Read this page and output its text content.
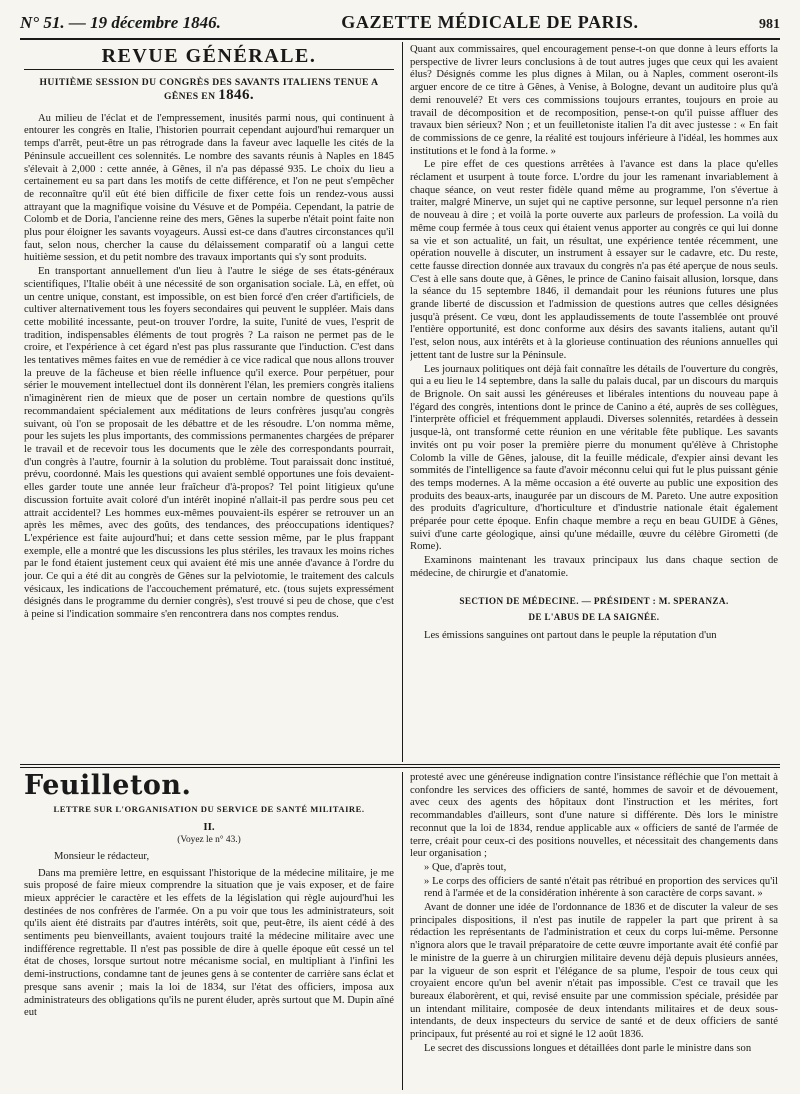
N° 51. — 19 décembre 1846.	GAZETTE MÉDICALE DE PARIS.	981
REVUE GÉNÉRALE.
HUITIÈME SESSION DU CONGRÈS DES SAVANTS ITALIENS TENUE A GÊNES EN 1846.

Au milieu de l'éclat et de l'empressement, inusités parmi nous, qui continuent à entourer les congrès en Italie, l'historien pourrait cependant aujourd'hui remarquer un temps d'arrêt, peut-être un pas rétrograde dans la faveur avec laquelle les cités de la Péninsule accueillent ces solennités. Le nombre des savants réunis à Naples en 1845 s'élevait à 2,000 : cette année, à Gênes, il n'a pas dépassé 935. Le choix du lieu a certainement eu sa part dans les motifs de cette différence, et l'on ne peut s'empêcher de reconnaître qu'il eût été bien difficile de fixer cette fois un rendez-vous aussi attrayant que la magnifique voisine du Vésuve et de Pompéia. Cependant, la patrie de Colomb et de Doria, l'ancienne reine des mers, Gênes la superbe n'était point faite non plus pour éloigner les savants voyageurs. Aussi est-ce dans d'autres circonstances qu'il faut, selon nous, chercher la cause du délaissement comparatif où a langui cette huitième session, et du petit nombre des travaux importants qui s'y sont produits.

En transportant annuellement d'un lieu à l'autre le siége de ses états-généraux scientifiques, l'Italie obéit à une nécessité de son organisation sociale. Là, en effet, où un centre unique, constant, est impossible, on est bien forcé d'en créer d'artificiels, de cultiver alternativement tous les foyers secondaires qui peuvent le suppléer. Mais dans cette mobilité incessante, peut-on trouver l'ordre, la suite, l'unité de vues, l'esprit de tradition, indispensables éléments de tout progrès ? La raison ne permet pas de le croire, et l'expérience à cet égard n'est pas plus rassurante que l'induction. C'est dans les tentatives mêmes faites en vue de remédier à ce vice radical que nous allons trouver la preuve de la fâcheuse et bien réelle influence qu'il exerce. Pour perpétuer, pour sérier le mouvement intellectuel dont ils donnèrent l'élan, les premiers congrès italiens n'imaginèrent rien de mieux que de poser un certain nombre de questions qu'ils recommandaient spécialement aux méditations de leurs confrères jusqu'au congrès suivant, où l'on se proposait de les débattre et de les résoudre. L'on nomma même, pour les sujets les plus importants, des commissions permanentes chargées de préparer le travail et de recevoir tous les documents que le zèle des correspondants pourrait, d'un congrès à l'autre, fournir à la solution du problème. Tout paraissait donc institué, prévu, coordonné. Mais les questions qui avaient semblé opportunes une fois devaient-elles garder toute une année leur fraîcheur d'à-propos? Tel point litigieux qu'une discussion fortuite avait coloré d'un intérêt inopiné n'allait-il pas perdre sous peu cet attrait accidentel? Les hommes eux-mêmes pouvaient-ils espérer se retrouver un an après les mêmes, avec des goûts, des tendances, des préoccupations identiques? L'expérience est faite aujourd'hui; et dans cette session même, par le plus frappant exemple, elle a montré que les discussions les plus stériles, les travaux les moins riches par le fond étaient justement ceux qui avaient été mis une année d'avance à l'ordre du jour. Ce qui a été dit au congrès de Gênes sur la pelviotomie, le traitement des calculs vésicaux, les indications de l'accouchement prématuré, etc. (tous sujets expressément désignés dans le programme du dernier congrès), s'est trouvé si peu de chose, que c'est à peine si l'indication sommaire s'en rencontrera dans nos comptes rendus.

Quant aux commissaires, quel encouragement pense-t-on que donne à leurs efforts la perspective de livrer leurs conclusions à de tout autres juges que ceux qui les avaient élus? Désignés comme les plus dignes à Milan, ou à Naples, comment oseront-ils arguer encore de ce titre à Gênes, à Venise, à Bologne, devant un auditoire plus qu'à demi renouvelé? Et vers ces commissions toujours errantes, toujours en proie au travail de décomposition et de recomposition, pense-t-on qu'il puisse affluer des travaux bien sérieux? Non ; et un feuilletoniste italien l'a dit avec justesse : « En fait de commissions de ce genre, la réalité est toujours inférieure à l'idéal, les hommes aux institutions et le fond à la forme. »

Le pire effet de ces questions arrêtées à l'avance est dans la place qu'elles réclament et usurpent à toute force. L'ordre du jour les ramenant invariablement à chaque séance, on veut rester fidèle quand même au programme, l'on s'évertue à traiter, malgré Minerve, un sujet qui ne captive personne, sur lequel personne n'a rien de nouveau à dire ; et voilà la porte ouverte aux parleurs de profession. La voilà du même coup fermée à tous ceux qui étaient venus apporter au congrès ce qui lui donne sa vie et son actualité, un fait, un résultat, une expérience tentée récemment, une opération nouvelle à discuter, un instrument à essayer sur le cadavre, etc. Du reste, cette fausse direction donnée aux travaux du congrès n'a pas été aperçue de nous seuls. C'est à elle sans doute que, à Gênes, le prince de Canino faisait allusion, lorsque, dans la séance du 15 septembre 1846, il demandait pour les réunions futures une plus grande liberté de discussion et l'admission de questions autres que celles désignées jusqu'à présent. Ce vœu, dont les applaudissements de toute l'assemblée ont prouvé l'entière opportunité, est donc conforme aux désirs des savants italiens, autant qu'il l'est, selon nous, aux intérêts et à la glorieuse continuation des réunions annuelles qui jettent tant de lustre sur la Péninsule.

Les journaux politiques ont déjà fait connaître les détails de l'ouverture du congrès, qui a eu lieu le 14 septembre, dans la salle du palais ducal, par un discours du marquis de Brignole. On sait aussi les généreuses et libérales intentions du nouveau pape à l'égard des congrès, intentions dont le prince de Canino a été, auprès de ses collègues, l'interprète officiel et fréquemment applaudi. Diverses solennités, retardées à dessein jusque-là, ont transformé cette réunion en une véritable fête publique. Les savants invités ont pu voir poser la première pierre du monument qu'élève à Christophe Colomb la ville de Gênes, jalouse, dit la feuille médicale, d'expier ainsi devant les sommités de l'intelligence sa faute d'avoir méconnu celui qui fut le plus puissant génie des temps modernes. A la même occasion a été ouverte au public une exposition des produits des beaux-arts, inaugurée par un discours de M. Pareto. Une autre exposition des produits d'agriculture, d'horticulture et d'industrie nationale était également préparée pour cette époque. Enfin chaque membre a reçu en beau GUIDE à Gênes, suivi d'une carte géologique, ainsi qu'une médaille, œuvre du célèbre Girometti (de Rome).

Examinons maintenant les travaux principaux lus dans chaque section de médecine, de chirurgie et d'anatomie.

SECTION DE MÉDECINE. — PRÉSIDENT : M. SPERANZA.
DE L'ABUS DE LA SAIGNÉE.

Les émissions sanguines ont partout dans le peuple la réputation d'un

Feuilleton.
LETTRE SUR L'ORGANISATION DU SERVICE DE SANTÉ MILITAIRE.
II.
(Voyez le n° 43.)

Monsieur le rédacteur,

Dans ma première lettre, en esquissant l'historique de la médecine militaire, je me suis proposé de faire mieux comprendre la situation que je vais exposer, et de faire mieux apprécier le caractère et les effets de la législation qui règle aujourd'hui les destinées de nos confrères de l'armée. On a pu voir que tous les administrateurs, soit qu'ils aient été distraits par d'autres intérêts, soit que, peut-être, ils aient cédé à des sentiments peu bienveillants, avaient toujours traité la médecine militaire avec une indifférence regrettable. Il n'est pas possible de dire à quelle époque eût cessé un tel état de choses, lorsque surtout notre mécanisme social, en multipliant à l'infini les demi-instructions, condamne tant de jeunes gens à se contenter de carrière sans éclat et presque sans avenir ; mais la loi de 1834, sur l'état des officiers, imposa aux administrateurs des obligations qu'ils ne purent éluder, après surtout que M. Dupin aîné eut

protesté avec une généreuse indignation contre l'insistance réfléchie que l'on mettait à confondre les services des officiers de santé, hommes de savoir et de dévouement, avec ceux des agents des hôpitaux dont l'instruction et les mérites, fort recommandables d'ailleurs, sont d'une nature si différente. Dès lors le ministre reconnut que la loi de 1834, rendue applicable aux « officiers de santé de l'armée de terre, créait pour ceux-ci des positions nouvelles, et nécessitait des changements dans leur organisation ;

» Que, d'après tout,

» Le corps des officiers de santé n'était pas rétribué en proportion des services qu'il rend à l'armée et de la considération inhérente à son caractère de corps savant. »

Avant de donner une idée de l'ordonnance de 1836 et de discuter la valeur de ses principales dispositions, il n'est pas inutile de rappeler la part que prirent à sa rédaction les représentants de l'administration et ceux du corps lui-même. Personne n'ignora alors que le travail préparatoire de cette œuvre importante avait été confié par le ministre de la guerre à un chirurgien militaire devenu déjà depuis plusieurs années, par la vigueur de son esprit et l'élégance de sa plume, l'espoir de tous ceux qui croyaient encore qu'un bel avenir n'était pas impossible. C'est ce travail que les bureaux élaborèrent, et qui, revisé ensuite par une commission spéciale, présidée par un intendant militaire, composée de deux intendants militaires et de deux sous-intendants, de deux inspecteurs du service de santé et de deux officiers de santé principaux, fut présenté au roi et signé le 12 août 1836.

Le secret des discussions longues et détaillées dont parle le ministre dans son
